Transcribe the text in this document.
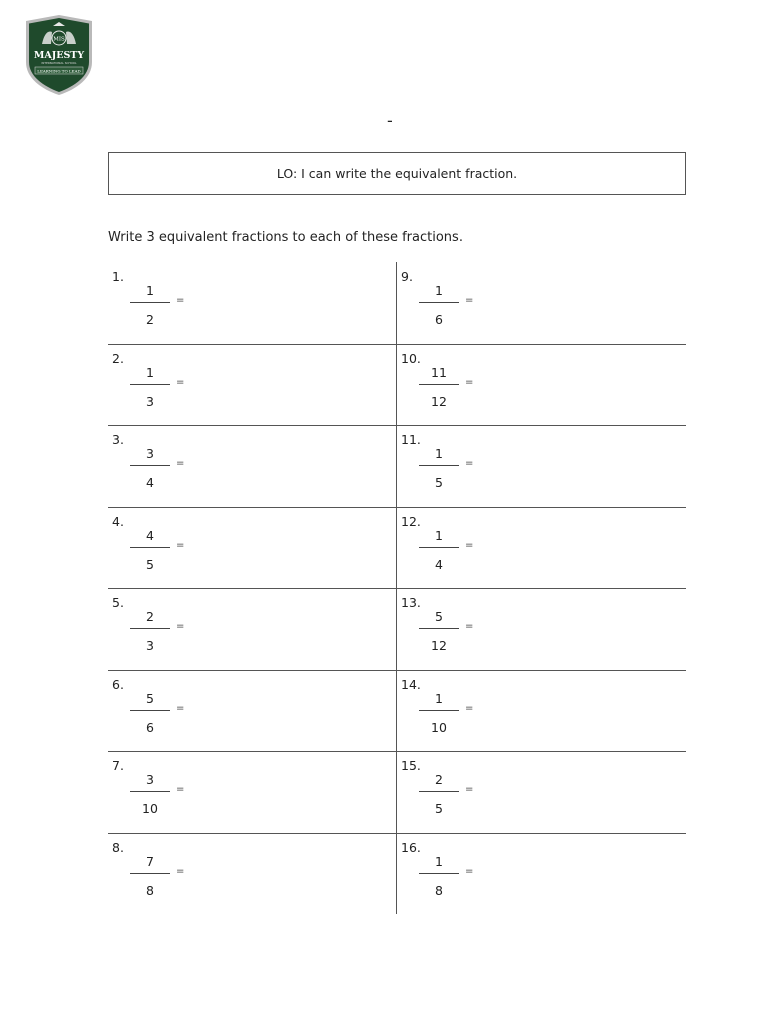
MIS
MAJESTY
INTERNATIONAL SCHOOL
LEARNING TO LEAD
-
LO: I can write the equivalent fraction.
Write 3 equivalent fractions to each of these fractions.
1.
1
2
=
2.
1
3
=
3.
3
4
=
4.
4
5
=
5.
2
3
=
6.
5
6
=
7.
3
10
=
8.
7
8
=
9.
1
6
=
10.
11
12
=
11.
1
5
=
12.
1
4
=
13.
5
12
=
14.
1
10
=
15.
2
5
=
16.
1
8
=
